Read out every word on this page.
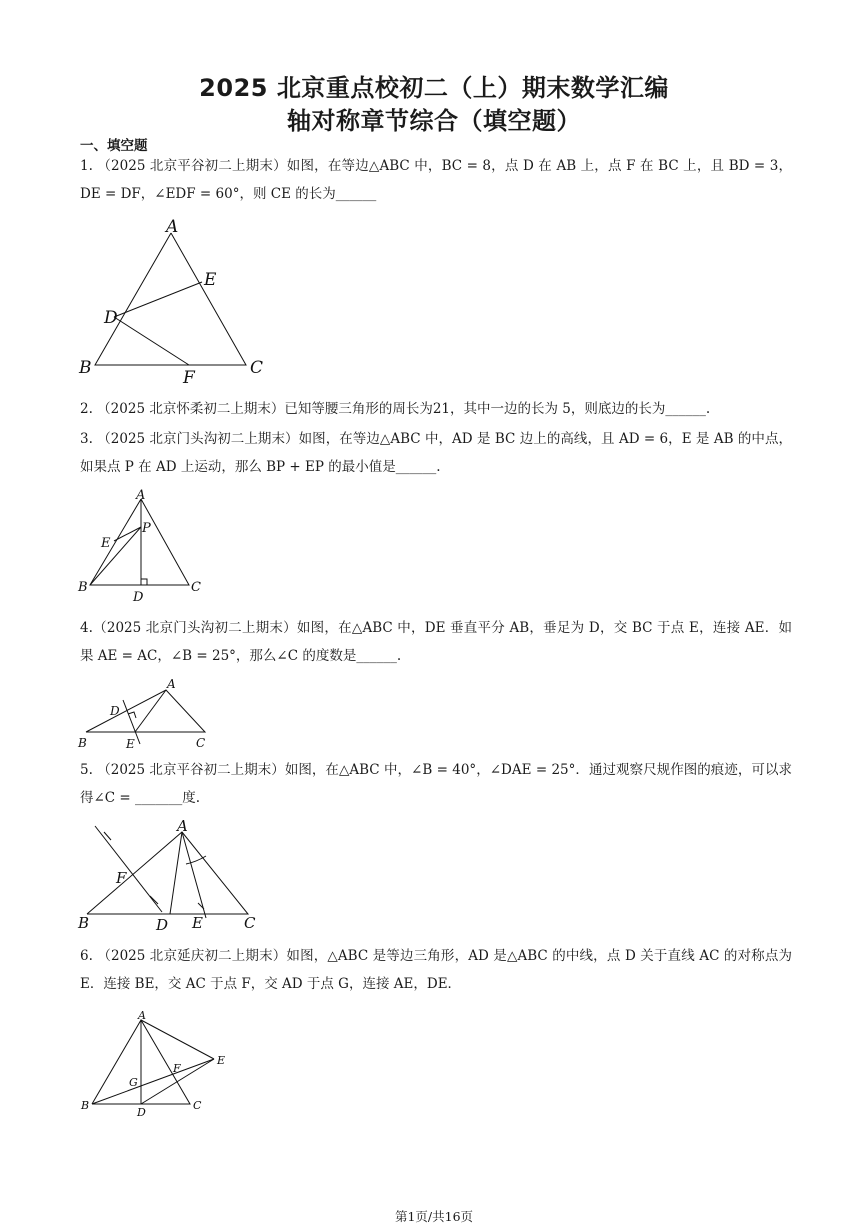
2025 北京重点校初二（上）期末数学汇编
轴对称章节综合（填空题）
一、填空题
1. （2025 北京平谷初二上期末）如图，在等边△ABC 中，BC = 8，点 D 在 AB 上，点 F 在 BC 上，且 BD = 3，DE = DF，∠EDF = 60°，则 CE 的长为______
A
B	C
D
E
F
2. （2025 北京怀柔初二上期末）已知等腰三角形的周长为21，其中一边的长为 5，则底边的长为______.
3. （2025 北京门头沟初二上期末）如图，在等边△ABC 中，AD 是 BC 边上的高线，且 AD = 6，E 是 AB 的中点，如果点 P 在 AD 上运动，那么 BP + EP 的最小值是______.
A
B	C
D
E
P
4.（2025 北京门头沟初二上期末）如图，在△ABC 中，DE 垂直平分 AB，垂足为 D，交 BC 于点 E，连接 AE．如果 AE = AC，∠B = 25°，那么∠C 的度数是______.
A
B	C
D
E
5. （2025 北京平谷初二上期末）如图，在△ABC 中，∠B = 40°，∠DAE = 25°．通过观察尺规作图的痕迹，可以求得∠C = _______度.
A
B	C
D E
F
6. （2025 北京延庆初二上期末）如图，△ABC 是等边三角形，AD 是△ABC 的中线，点 D 关于直线 AC 的对称点为 E．连接 BE，交 AC 于点 F，交 AD 于点 G，连接 AE，DE．
A
B	C
D
E
F
G
第1页/共16页
